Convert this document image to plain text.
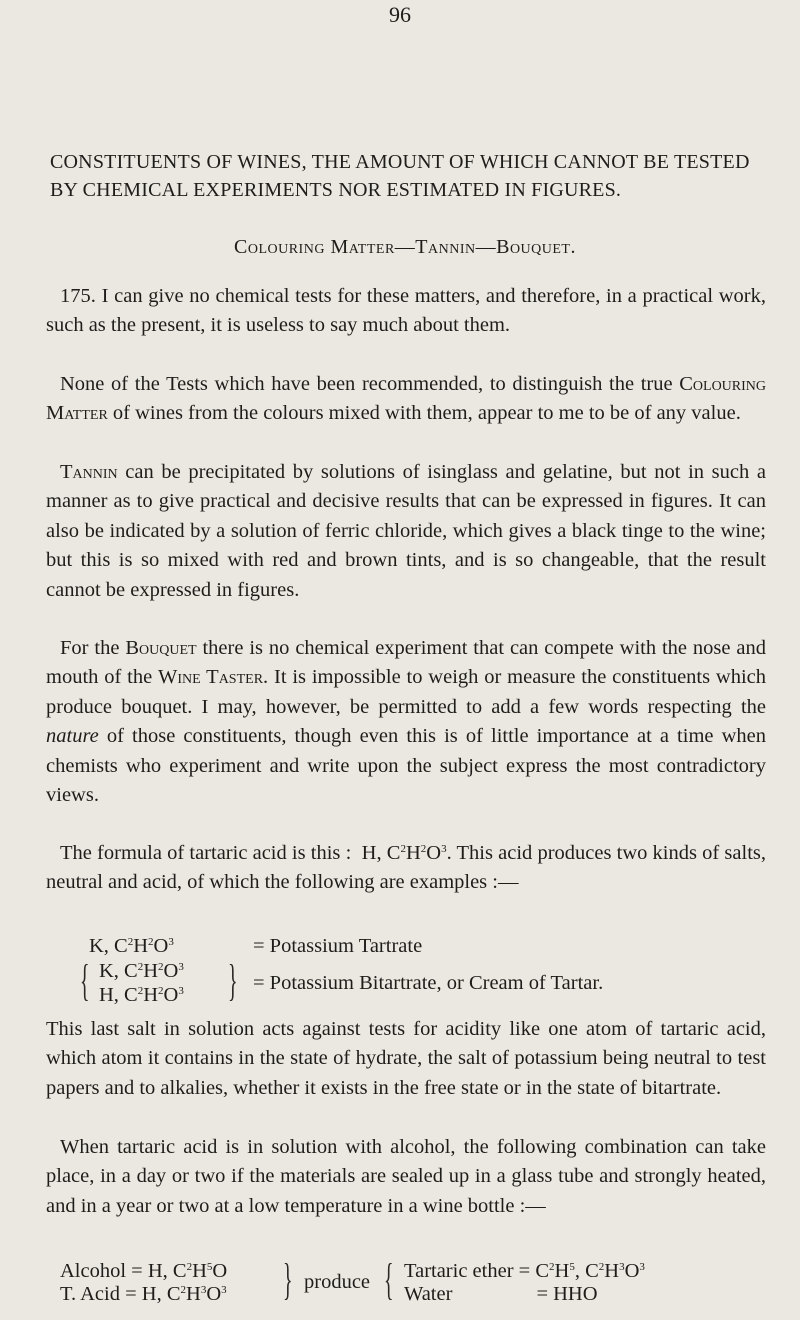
96
CONSTITUENTS OF WINES, THE AMOUNT OF WHICH CANNOT BE TESTED BY CHEMICAL EXPERIMENTS NOR ESTIMATED IN FIGURES.
Colouring Matter—Tannin—Bouquet.
175. I can give no chemical tests for these matters, and therefore, in a practical work, such as the present, it is useless to say much about them.
None of the Tests which have been recommended, to distinguish the true Colouring Matter of wines from the colours mixed with them, appear to me to be of any value.
Tannin can be precipitated by solutions of isinglass and gelatine, but not in such a manner as to give practical and decisive results that can be expressed in figures. It can also be indicated by a solution of ferric chloride, which gives a black tinge to the wine; but this is so mixed with red and brown tints, and is so changeable, that the result cannot be expressed in figures.
For the Bouquet there is no chemical experiment that can compete with the nose and mouth of the Wine Taster. It is impossible to weigh or measure the constituents which produce bouquet. I may, however, be permitted to add a few words respecting the nature of those constituents, though even this is of little importance at a time when chemists who experiment and write upon the subject express the most contradictory views.
The formula of tartaric acid is this :  H, $C^2H^2O^3$. This acid produces two kinds of salts, neutral and acid, of which the following are examples :—
K, $C^2H^2O^3$	= Potassium Tartrate
{ K, $C^2H^2O^3$
H, $C^2H^2O^3$ } = Potassium Bitartrate, or Cream of Tartar.
This last salt in solution acts against tests for acidity like one atom of tartaric acid, which atom it contains in the state of hydrate, the salt of potassium being neutral to test papers and to alkalies, whether it exists in the free state or in the state of bitartrate.
When tartaric acid is in solution with alcohol, the following combination can take place, in a day or two if the materials are sealed up in a glass tube and strongly heated, and in a year or two at a low temperature in a wine bottle :—
Alcohol = H, $C^2H^5O$
T. Acid = H, $C^2H^3O^3$ } produce { Tartaric ether = $C^2H^5$, $C^2H^3O^3$
Water	= HHO
